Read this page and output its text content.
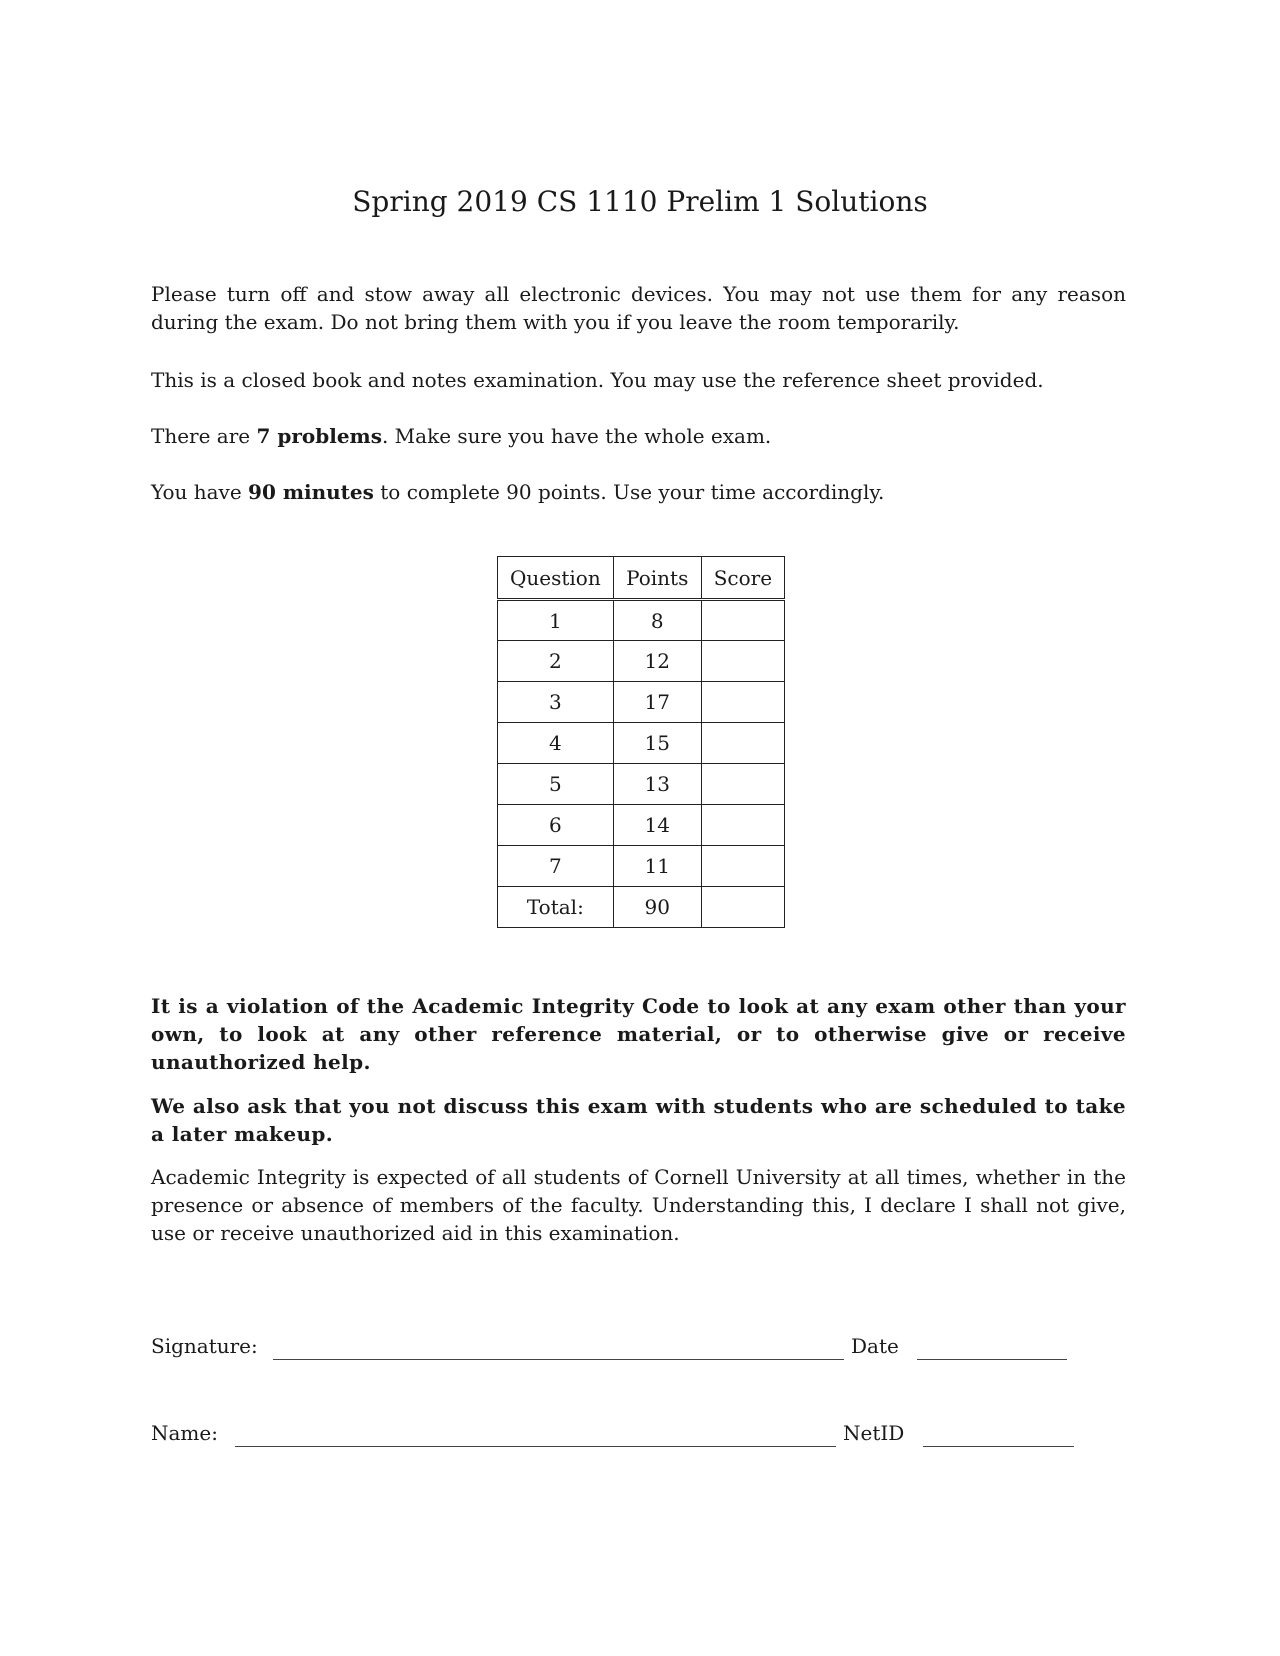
Spring 2019 CS 1110 Prelim 1 Solutions

Please turn off and stow away all electronic devices. You may not use them for any reason during the exam. Do not bring them with you if you leave the room temporarily.

This is a closed book and notes examination. You may use the reference sheet provided.

There are 7 problems. Make sure you have the whole exam.

You have 90 minutes to complete 90 points. Use your time accordingly.

Question	Points	Score
1	8	
2	12	
3	17	
4	15	
5	13	
6	14	
7	11	
Total:	90	

It is a violation of the Academic Integrity Code to look at any exam other than your own, to look at any other reference material, or to otherwise give or receive unauthorized help.

We also ask that you not discuss this exam with students who are scheduled to take a later makeup.

Academic Integrity is expected of all students of Cornell University at all times, whether in the presence or absence of members of the faculty. Understanding this, I declare I shall not give, use or receive unauthorized aid in this examination.

Signature:	Date
Name:	NetID
